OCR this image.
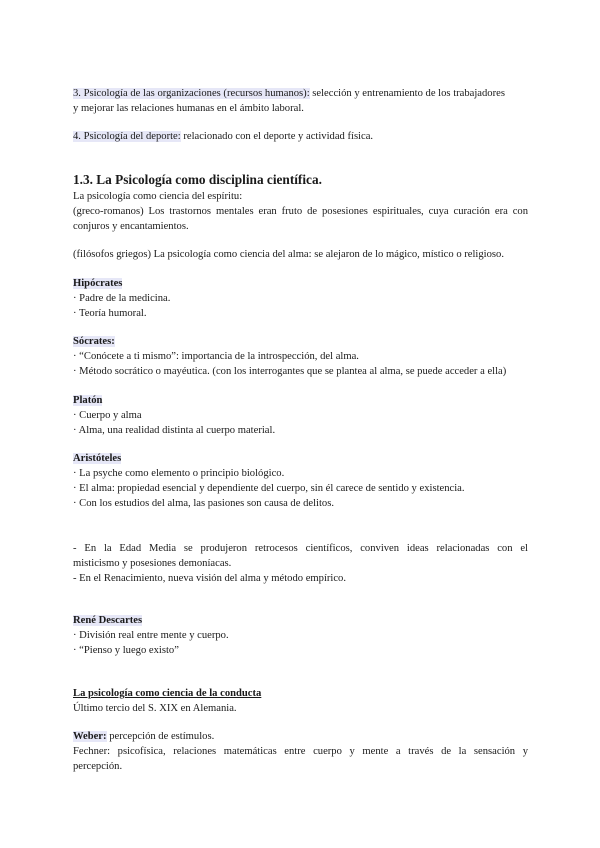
3. Psicología de las organizaciones (recursos humanos): selección y entrenamiento de los trabajadores
y mejorar las relaciones humanas en el ámbito laboral.
4. Psicología del deporte: relacionado con el deporte y actividad física.
1.3. La Psicología como disciplina científica.
La psicología como ciencia del espíritu:
(greco-romanos) Los trastornos mentales eran fruto de posesiones espirituales, cuya curación era con
conjuros y encantamientos.
(filósofos griegos) La psicología como ciencia del alma: se alejaron de lo mágico, místico o religioso.
Hipócrates
· Padre de la medicina.
· Teoría humoral.
Sócrates:
· “Conócete a ti mismo”: importancia de la introspección, del alma.
· Método socrático o mayéutica. (con los interrogantes que se plantea al alma, se puede acceder a ella)
Platón
· Cuerpo y alma
· Alma, una realidad distinta al cuerpo material.
Aristóteles
· La psyche como elemento o principio biológico.
· El alma: propiedad esencial y dependiente del cuerpo, sin él carece de sentido y existencia.
· Con los estudios del alma, las pasiones son causa de delitos.
- En la Edad Media se produjeron retrocesos científicos, conviven ideas relacionadas con el
misticismo y posesiones demoníacas.
- En el Renacimiento, nueva visión del alma y método empírico.
René Descartes
· División real entre mente y cuerpo.
· “Pienso y luego existo”
La psicología como ciencia de la conducta
Último tercio del S. XIX en Alemania.
Weber: percepción de estímulos.
Fechner: psicofísica, relaciones matemáticas entre cuerpo y mente a través de la sensación y
percepción.
